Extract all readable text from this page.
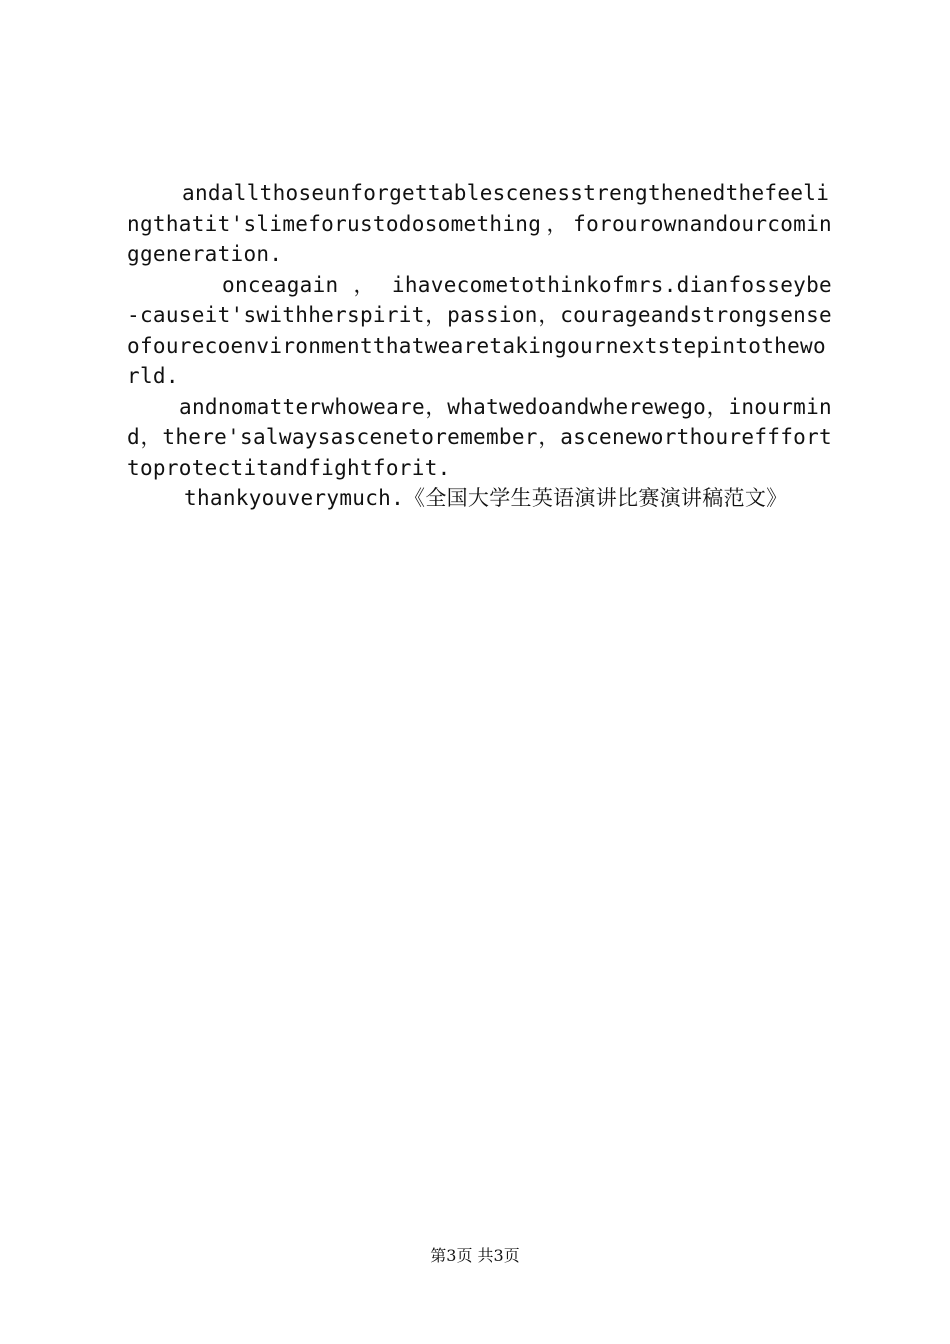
andallthoseunforgettablescenesstrengthenedthefeelingthatit'slimeforustodosomething，forourownandourcominggeneration.

onceagain ， ihavecometothinkofmrs.dianfosseybe-causeit'swithherspirit，passion，courageandstrongsenseofourecoenvironmentthatwearetakingournextstepintotheworld.

andnomatterwhoweare，whatwedoandwherewego，inourmind，there'salwaysascenetoremember，asceneworthoureffforttoprotectitandfightforit.

thankyouverymuch.《全国大学生英语演讲比赛演讲稿范文》

第3页 共3页
